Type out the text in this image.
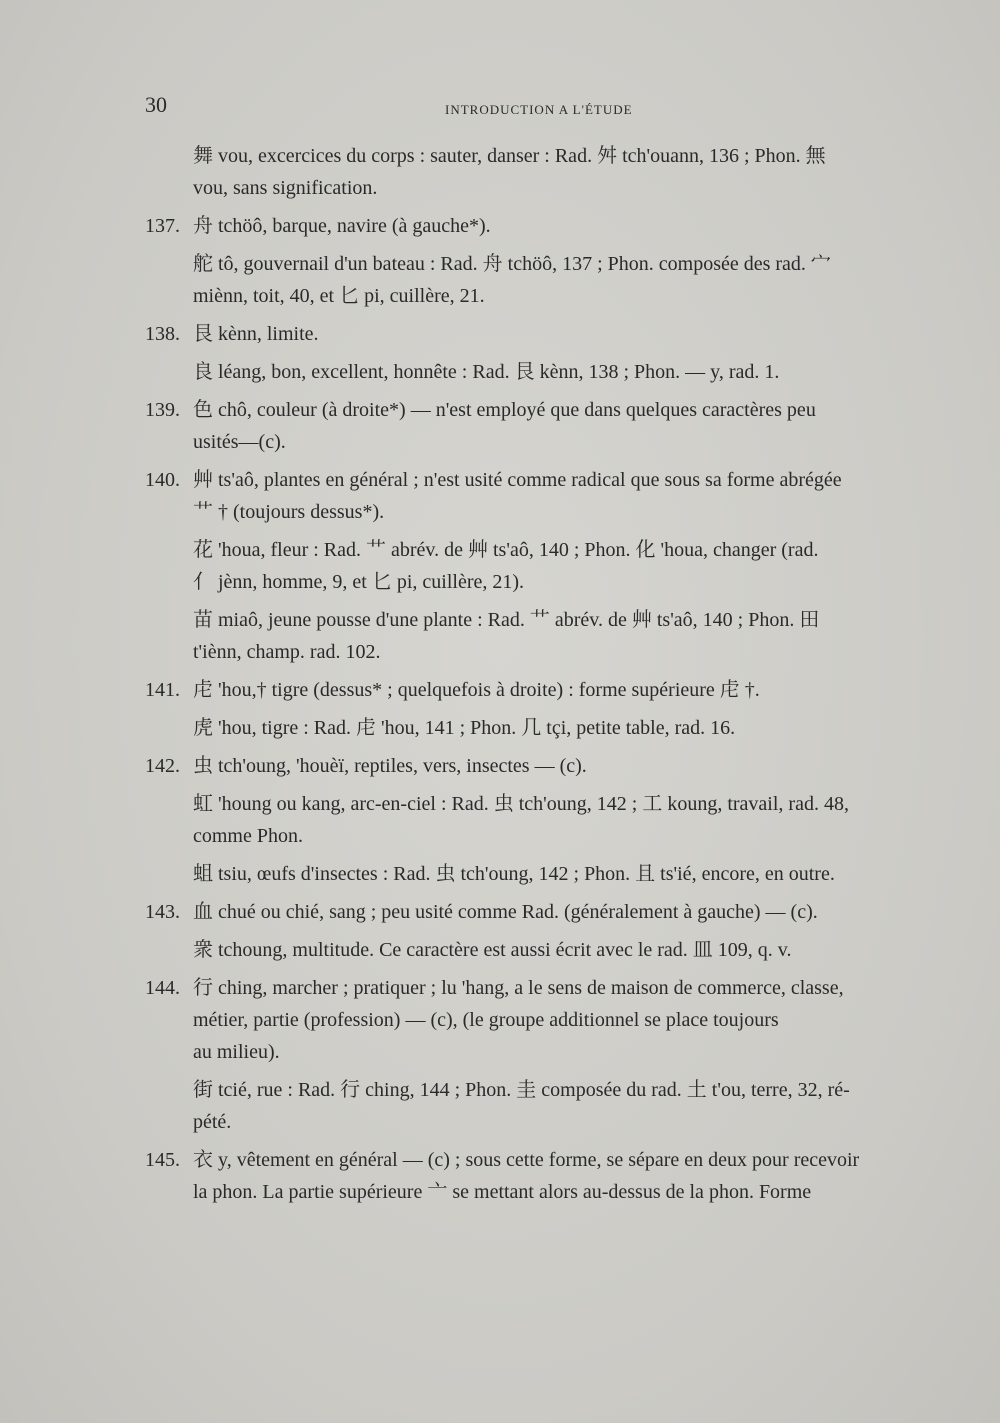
30	INTRODUCTION A L'ÉTUDE
舞 vou, excercices du corps : sauter, danser : Rad. 舛 tch'ouann, 136 ; Phon. 無
vou, sans signification.
137. 舟 tchöô, barque, navire (à gauche*).
舵 tô, gouvernail d'un bateau : Rad. 舟 tchöô, 137 ; Phon. composée des rad. 宀
miènn, toit, 40, et 匕 pi, cuillère, 21.
138. 艮 kènn, limite.
良 léang, bon, excellent, honnête : Rad. 艮 kènn, 138 ; Phon. — y, rad. 1.
139. 色 chô, couleur (à droite*) — n'est employé que dans quelques caractères peu
usités—(c).
140. 艸 ts'aô, plantes en général ; n'est usité comme radical que sous sa forme abrégée
艹 † (toujours dessus*).
花 'houa, fleur : Rad. 艹 abrév. de 艸 ts'aô, 140 ; Phon. 化 'houa, changer (rad.
亻 jènn, homme, 9, et 匕 pi, cuillère, 21).
苗 miaô, jeune pousse d'une plante : Rad. 艹 abrév. de 艸 ts'aô, 140 ; Phon. 田
t'iènn, champ. rad. 102.
141. 虍 'hou,† tigre (dessus* ; quelquefois à droite) : forme supérieure 虍 †.
虎 'hou, tigre : Rad. 虍 'hou, 141 ; Phon. 几 tçi, petite table, rad. 16.
142. 虫 tch'oung, 'houèï, reptiles, vers, insectes — (c).
虹 'houng ou kang, arc-en-ciel : Rad. 虫 tch'oung, 142 ; 工 koung, travail, rad. 48,
comme Phon.
蛆 tsiu, œufs d'insectes : Rad. 虫 tch'oung, 142 ; Phon. 且 ts'ié, encore, en outre.
143. 血 chué ou chié, sang ; peu usité comme Rad. (généralement à gauche) — (c).
衆 tchoung, multitude. Ce caractère est aussi écrit avec le rad. 皿 109, q. v.
144. 行 ching, marcher ; pratiquer ; lu 'hang, a le sens de maison de commerce, classe,
métier, partie (profession) — (c), (le groupe additionnel se place toujours
au milieu).
街 tcié, rue : Rad. 行 ching, 144 ; Phon. 圭 composée du rad. 土 t'ou, terre, 32, ré-
pété.
145. 衣 y, vêtement en général — (c) ; sous cette forme, se sépare en deux pour recevoir
la phon. La partie supérieure 亠 se mettant alors au-dessus de la phon. Forme
